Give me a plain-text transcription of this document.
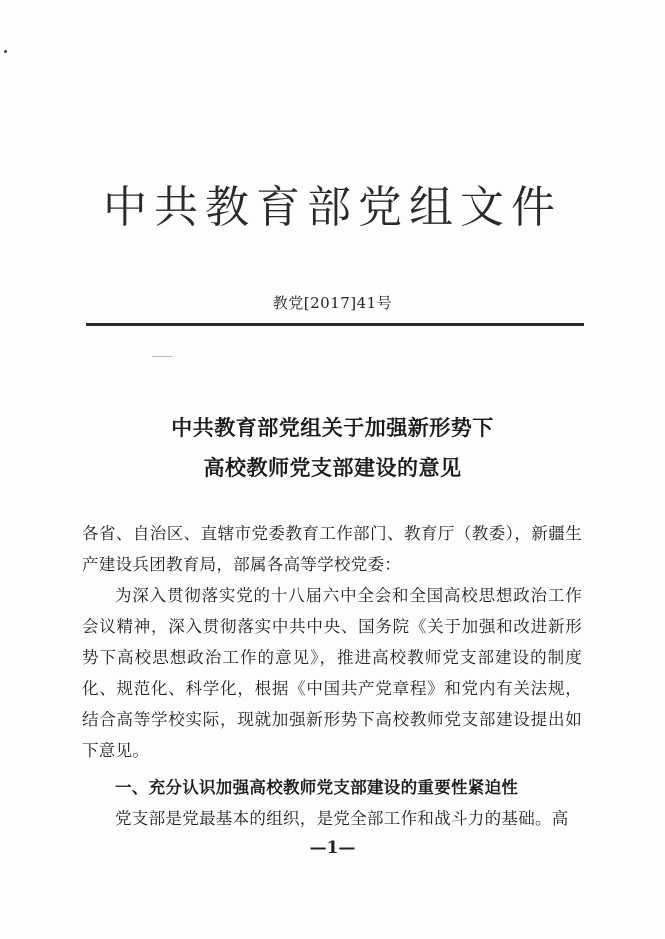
中共教育部党组文件
教党[2017]41号
中共教育部党组关于加强新形势下
高校教师党支部建设的意见
各省、自治区、直辖市党委教育工作部门、教育厅（教委），新疆生产建设兵团教育局，部属各高等学校党委：
为深入贯彻落实党的十八届六中全会和全国高校思想政治工作会议精神，深入贯彻落实中共中央、国务院《关于加强和改进新形势下高校思想政治工作的意见》，推进高校教师党支部建设的制度化、规范化、科学化，根据《中国共产党章程》和党内有关法规，结合高等学校实际，现就加强新形势下高校教师党支部建设提出如下意见。
一、充分认识加强高校教师党支部建设的重要性紧迫性
党支部是党最基本的组织，是党全部工作和战斗力的基础。高
—1—
